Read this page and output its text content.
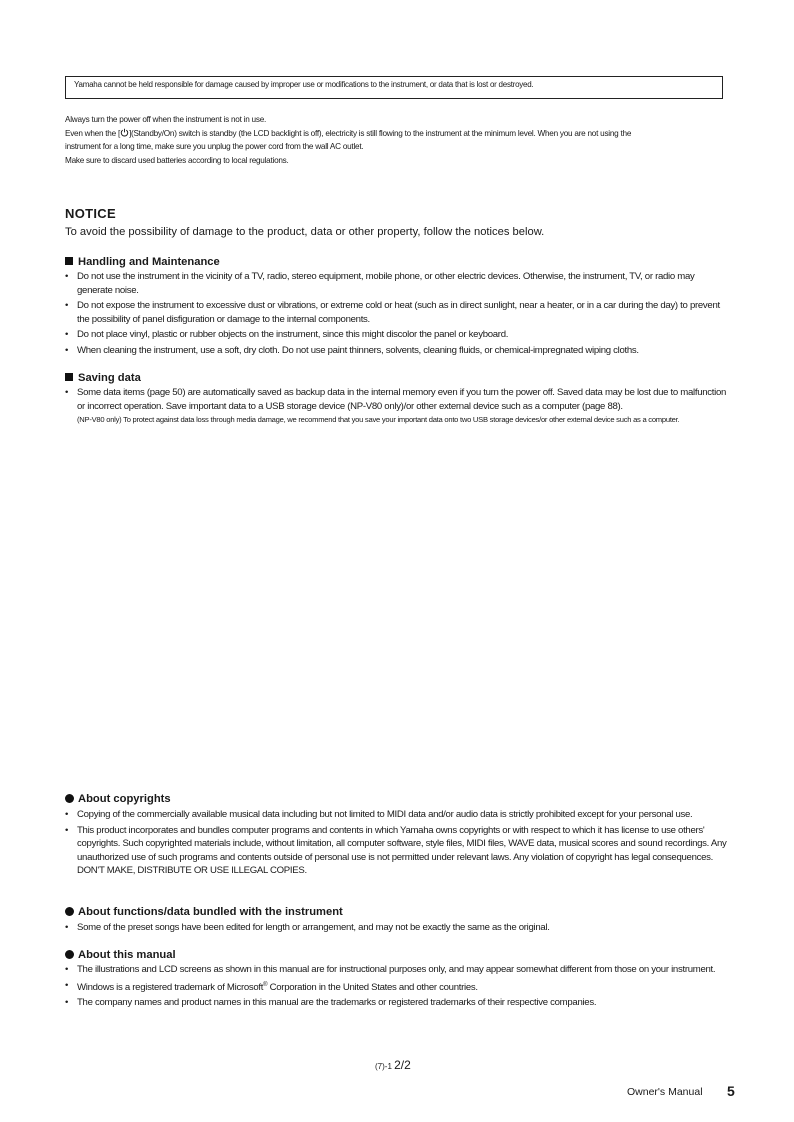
Yamaha cannot be held responsible for damage caused by improper use or modifications to the instrument, or data that is lost or destroyed.
Always turn the power off when the instrument is not in use.
Even when the [ ](Standby/On) switch is standby (the LCD backlight is off), electricity is still flowing to the instrument at the minimum level. When you are not using the
instrument for a long time, make sure you unplug the power cord from the wall AC outlet.
Make sure to discard used batteries according to local regulations.
NOTICE
To avoid the possibility of damage to the product, data or other property, follow the notices below.
Handling and Maintenance
• Do not use the instrument in the vicinity of a TV, radio, stereo equipment, mobile phone, or other electric devices. Otherwise, the instrument, TV, or radio may generate noise.
• Do not expose the instrument to excessive dust or vibrations, or extreme cold or heat (such as in direct sunlight, near a heater, or in a car during the day) to prevent the possibility of panel disfiguration or damage to the internal components.
• Do not place vinyl, plastic or rubber objects on the instrument, since this might discolor the panel or keyboard.
• When cleaning the instrument, use a soft, dry cloth. Do not use paint thinners, solvents, cleaning fluids, or chemical-impregnated wiping cloths.
Saving data
• Some data items (page 50) are automatically saved as backup data in the internal memory even if you turn the power off. Saved data may be lost due to malfunction or incorrect operation. Save important data to a USB storage device (NP-V80 only)/or other external device such as a computer (page 88).
(NP-V80 only) To protect against data loss through media damage, we recommend that you save your important data onto two USB storage devices/or other external device such as a computer.
About copyrights
• Copying of the commercially available musical data including but not limited to MIDI data and/or audio data is strictly prohibited except for your personal use.
• This product incorporates and bundles computer programs and contents in which Yamaha owns copyrights or with respect to which it has license to use others' copyrights. Such copyrighted materials include, without limitation, all computer software, style files, MIDI files, WAVE data, musical scores and sound recordings. Any unauthorized use of such programs and contents outside of personal use is not permitted under relevant laws. Any violation of copyright has legal consequences. DON'T MAKE, DISTRIBUTE OR USE ILLEGAL COPIES.
About functions/data bundled with the instrument
• Some of the preset songs have been edited for length or arrangement, and may not be exactly the same as the original.
About this manual
• The illustrations and LCD screens as shown in this manual are for instructional purposes only, and may appear somewhat different from those on your instrument.
• Windows is a registered trademark of Microsoft® Corporation in the United States and other countries.
• The company names and product names in this manual are the trademarks or registered trademarks of their respective companies.
(7)-1 2/2
Owner's Manual 5
